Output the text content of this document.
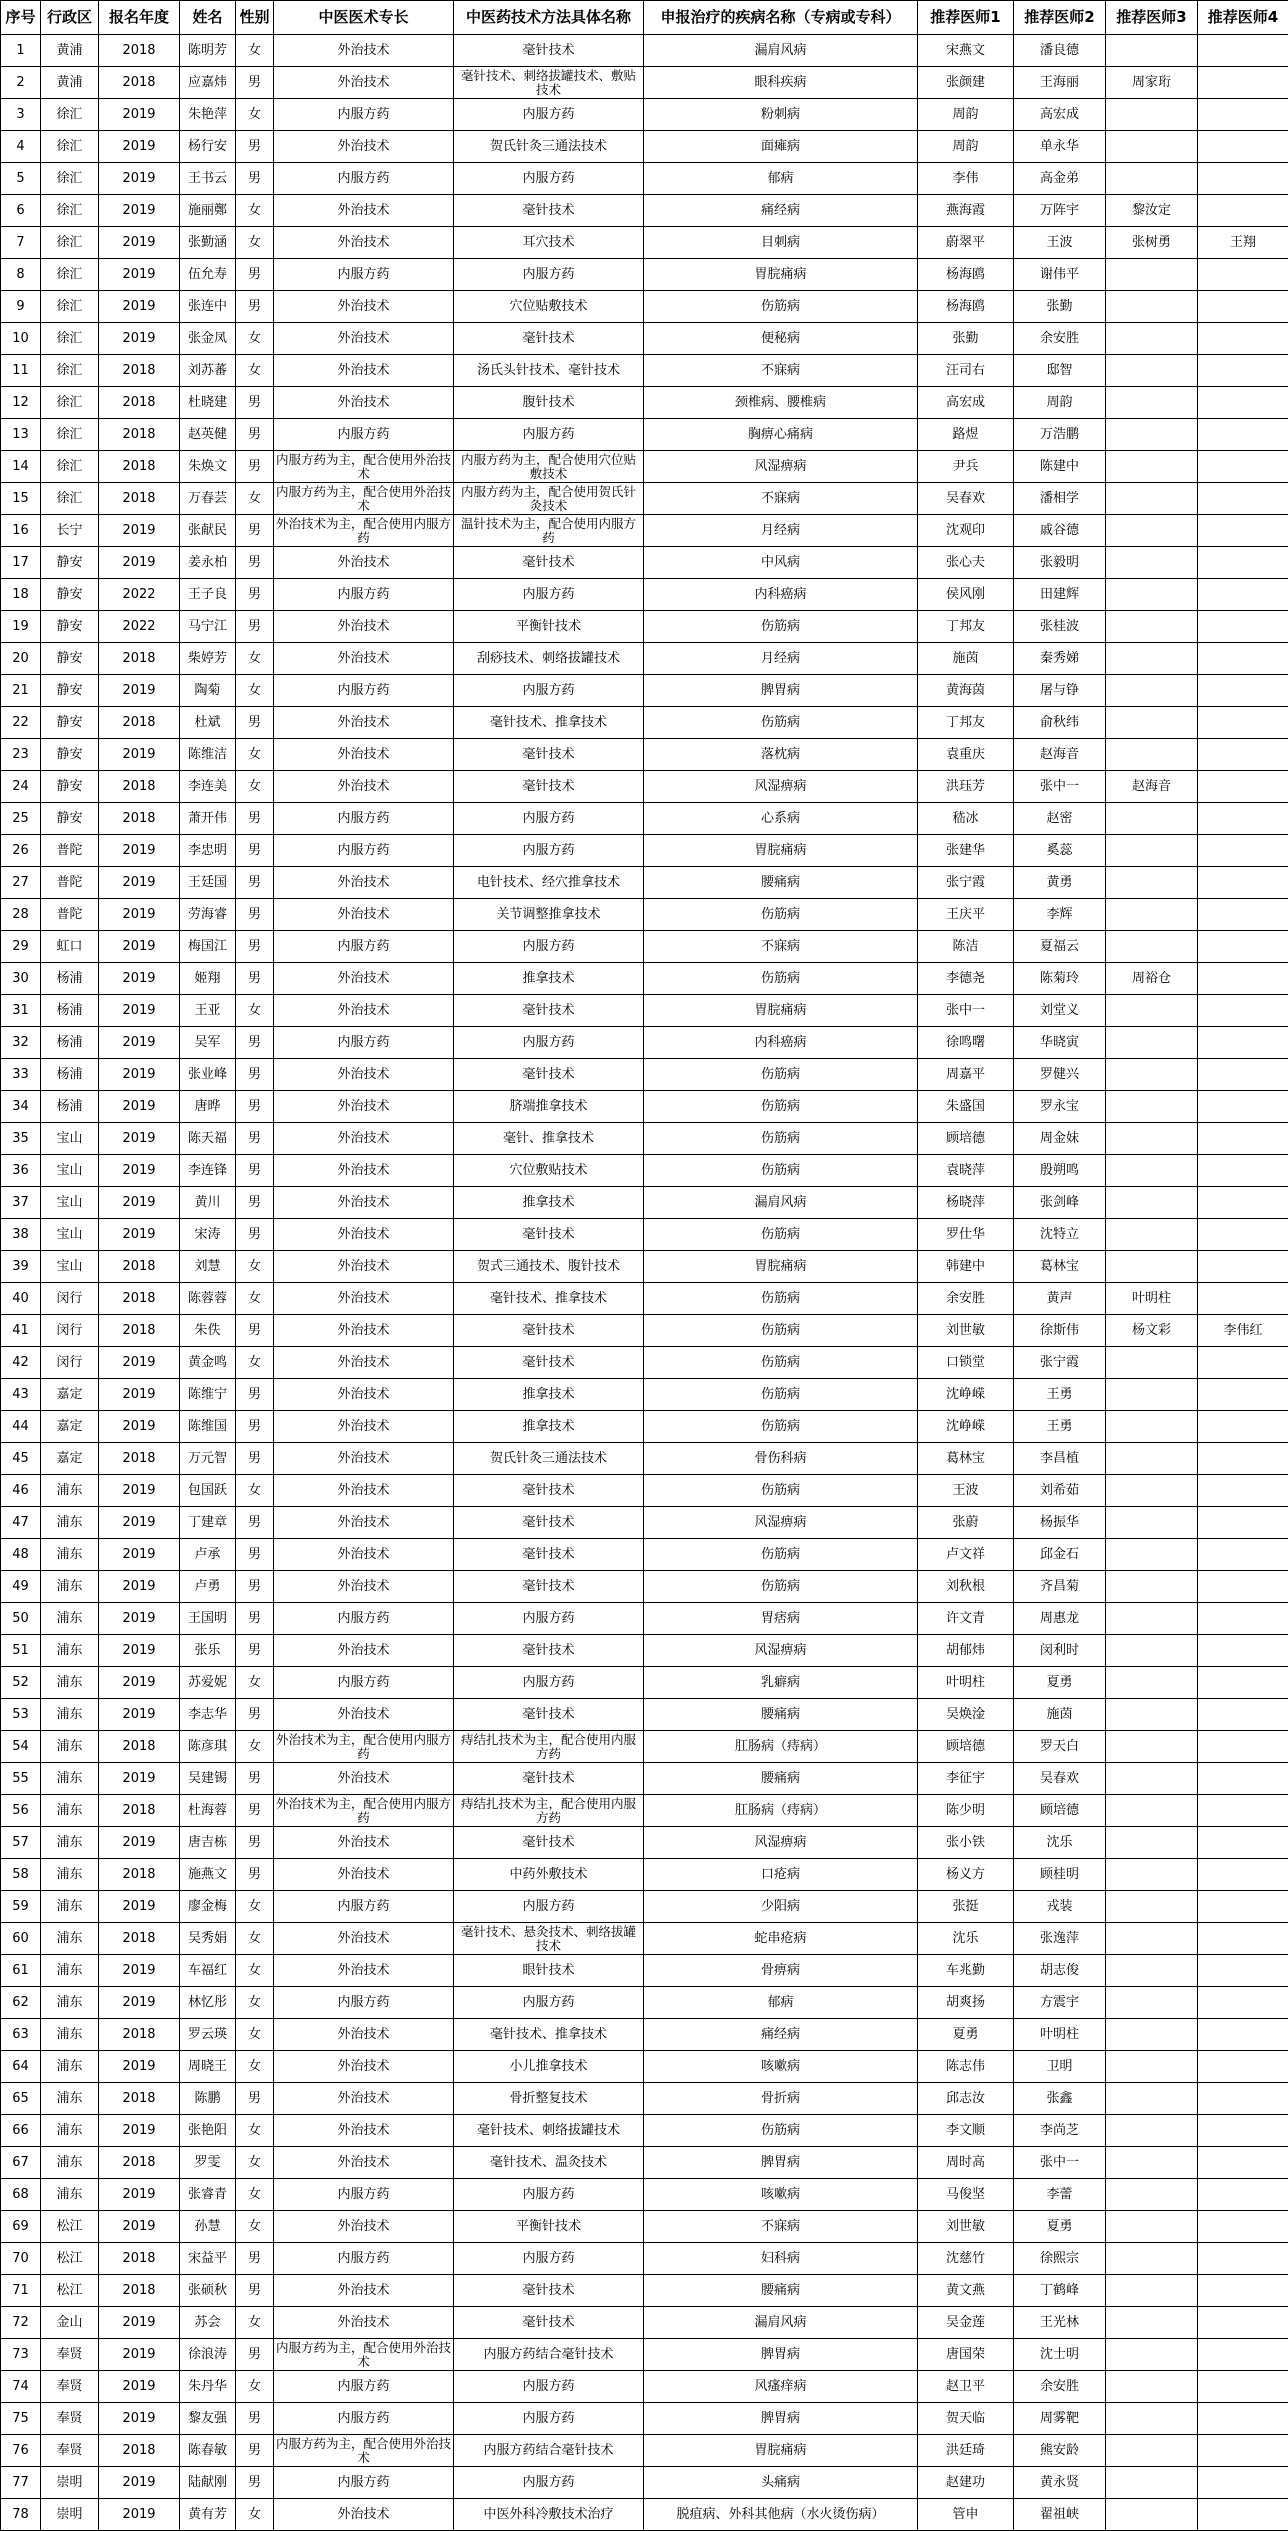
序号	行政区	报名年度	姓名	性别	中医医术专长	中医药技术方法具体名称	申报治疗的疾病名称（专病或专科）	推荐医师1	推荐医师2	推荐医师3	推荐医师4
1	黄浦	2018	陈明芳	女	外治技术	毫针技术	漏肩风病	宋燕文	潘良德		
2	黄浦	2018	应嘉炜	男	外治技术	毫针技术、刺络拔罐技术、敷贴技术	眼科疾病	张颜建	王海丽	周家珩	
3	徐汇	2019	朱艳萍	女	内服方药	内服方药	粉刺病	周韵	高宏成		
4	徐汇	2019	杨行安	男	外治技术	贺氏针灸三通法技术	面瘫病	周韵	单永华		
5	徐汇	2019	王书云	男	内服方药	内服方药	郁病	李伟	高金弟		
6	徐汇	2019	施丽鄭	女	外治技术	毫针技术	痛经病	燕海霞	万阵宇	黎汝定	
7	徐汇	2019	张勤涵	女	外治技术	耳穴技术	目刺病	蔚翠平	王波	张树勇	王翔
8	徐汇	2019	伍允寿	男	内服方药	内服方药	胃脘痛病	杨海鸥	谢伟平		
9	徐汇	2019	张连中	男	外治技术	穴位贴敷技术	伤筋病	杨海鸥	张勤		
10	徐汇	2019	张金凤	女	外治技术	毫针技术	便秘病	张勤	余安胜		
11	徐汇	2018	刘苏蕃	女	外治技术	汤氏头针技术、毫针技术	不寐病	汪司右	邸智		
12	徐汇	2018	杜晓建	男	外治技术	腹针技术	颈椎病、腰椎病	高宏成	周韵		
13	徐汇	2018	赵英健	男	内服方药	内服方药	胸痹心痛病	路煜	万浩鹏		
14	徐汇	2018	朱焕文	男	内服方药为主，配合使用外治技术	内服方药为主，配合使用穴位贴敷技术	风湿痹病	尹兵	陈建中		
15	徐汇	2018	万春芸	女	内服方药为主，配合使用外治技术	内服方药为主，配合使用贺氏针灸技术	不寐病	吴春欢	潘相学		
16	长宁	2019	张献民	男	外治技术为主，配合使用内服方药	温针技术为主，配合使用内服方药	月经病	沈观印	戚谷德		
17	静安	2019	姜永柏	男	外治技术	毫针技术	中风病	张心夫	张毅明		
18	静安	2022	王子良	男	内服方药	内服方药	内科癌病	侯风刚	田建辉		
19	静安	2022	马宁江	男	外治技术	平衡针技术	伤筋病	丁邦友	张桂波		
20	静安	2018	柴婷芳	女	外治技术	刮痧技术、刺络拔罐技术	月经病	施茵	秦秀娣		
21	静安	2019	陶菊	女	内服方药	内服方药	脾胃病	黄海茵	屠与铮		
22	静安	2018	杜斌	男	外治技术	毫针技术、推拿技术	伤筋病	丁邦友	俞秋纬		
23	静安	2019	陈维洁	女	外治技术	毫针技术	落枕病	袁重庆	赵海音		
24	静安	2018	李连美	女	外治技术	毫针技术	风湿痹病	洪珏芳	张中一	赵海音	
25	静安	2018	萧开伟	男	内服方药	内服方药	心系病	嵇冰	赵密		
26	普陀	2019	李忠明	男	内服方药	内服方药	胃脘痛病	张建华	奚蕊		
27	普陀	2019	王廷国	男	外治技术	电针技术、经穴推拿技术	腰痛病	张宁霞	黄勇		
28	普陀	2019	劳海睿	男	外治技术	关节调整推拿技术	伤筋病	王庆平	李辉		
29	虹口	2019	梅国江	男	内服方药	内服方药	不寐病	陈洁	夏福云		
30	杨浦	2019	姬翔	男	外治技术	推拿技术	伤筋病	李德尧	陈菊玲	周裕仓	
31	杨浦	2019	王亚	女	外治技术	毫针技术	胃脘痛病	张中一	刘堂义		
32	杨浦	2019	吴军	男	内服方药	内服方药	内科癌病	徐鸣曙	华晓寅		
33	杨浦	2019	张业峰	男	外治技术	毫针技术	伤筋病	周嘉平	罗健兴		
34	杨浦	2019	唐晔	男	外治技术	脐端推拿技术	伤筋病	朱盛国	罗永宝		
35	宝山	2019	陈天福	男	外治技术	毫针、推拿技术	伤筋病	顾培德	周金妹		
36	宝山	2019	李连锋	男	外治技术	穴位敷贴技术	伤筋病	袁晓萍	殷朔鸣		
37	宝山	2019	黄川	男	外治技术	推拿技术	漏肩风病	杨晓萍	张剑峰		
38	宝山	2019	宋涛	男	外治技术	毫针技术	伤筋病	罗仕华	沈特立		
39	宝山	2018	刘慧	女	外治技术	贺式三通技术、腹针技术	胃脘痛病	韩建中	葛林宝		
40	闵行	2018	陈蓉蓉	女	外治技术	毫针技术、推拿技术	伤筋病	余安胜	黄声	叶明柱	
41	闵行	2018	朱佚	男	外治技术	毫针技术	伤筋病	刘世敏	徐斯伟	杨文彩	李伟红
42	闵行	2019	黄金鸣	女	外治技术	毫针技术	伤筋病	口锁堂	张宁霞		
43	嘉定	2019	陈维宁	男	外治技术	推拿技术	伤筋病	沈峥嵘	王勇		
44	嘉定	2019	陈维国	男	外治技术	推拿技术	伤筋病	沈峥嵘	王勇		
45	嘉定	2018	万元智	男	外治技术	贺氏针灸三通法技术	骨伤科病	葛林宝	李昌植		
46	浦东	2019	包国跃	女	外治技术	毫针技术	伤筋病	王波	刘希茹		
47	浦东	2019	丁建章	男	外治技术	毫针技术	风湿痹病	张蔚	杨振华		
48	浦东	2019	卢承	男	外治技术	毫针技术	伤筋病	卢文祥	邱金石		
49	浦东	2019	卢勇	男	外治技术	毫针技术	伤筋病	刘秋根	齐昌菊		
50	浦东	2019	王国明	男	内服方药	内服方药	胃痞病	许文青	周惠龙		
51	浦东	2019	张乐	男	外治技术	毫针技术	风湿痹病	胡郁炜	闵利时		
52	浦东	2019	苏爱妮	女	内服方药	内服方药	乳癖病	叶明柱	夏勇		
53	浦东	2019	李志华	男	外治技术	毫针技术	腰痛病	吴焕淦	施茵		
54	浦东	2018	陈彦琪	女	外治技术为主，配合使用内服方药	痔结扎技术为主，配合使用内服方药	肛肠病（痔病）	顾培德	罗天白		
55	浦东	2019	吴建锡	男	外治技术	毫针技术	腰痛病	李征宇	吴春欢		
56	浦东	2018	杜海蓉	男	外治技术为主，配合使用内服方药	痔结扎技术为主，配合使用内服方药	肛肠病（痔病）	陈少明	顾培德		
57	浦东	2019	唐吉栋	男	外治技术	毫针技术	风湿痹病	张小铁	沈乐		
58	浦东	2018	施燕文	男	外治技术	中药外敷技术	口疮病	杨义方	顾桂明		
59	浦东	2019	廖金梅	女	内服方药	内服方药	少阳病	张挺	戎装		
60	浦东	2018	吴秀娟	女	外治技术	毫针技术、悬灸技术、刺络拔罐技术	蛇串疮病	沈乐	张逸萍		
61	浦东	2019	车福红	女	外治技术	眼针技术	骨痹病	车兆勤	胡志俊		
62	浦东	2019	林忆彤	女	内服方药	内服方药	郁病	胡爽扬	方震宇		
63	浦东	2018	罗云瑛	女	外治技术	毫针技术、推拿技术	痛经病	夏勇	叶明柱		
64	浦东	2019	周晓王	女	外治技术	小儿推拿技术	咳嗽病	陈志伟	卫明		
65	浦东	2018	陈鹏	男	外治技术	骨折整复技术	骨折病	邱志汝	张鑫		
66	浦东	2019	张艳阳	女	外治技术	毫针技术、刺络拔罐技术	伤筋病	李文顺	李尚芝		
67	浦东	2018	罗雯	女	外治技术	毫针技术、温灸技术	脾胃病	周时高	张中一		
68	浦东	2019	张睿青	女	内服方药	内服方药	咳嗽病	马俊坚	李蕾		
69	松江	2019	孙慧	女	外治技术	平衡针技术	不寐病	刘世敏	夏勇		
70	松江	2018	宋益平	男	内服方药	内服方药	妇科病	沈慈竹	徐熙宗		
71	松江	2018	张硕秋	男	外治技术	毫针技术	腰痛病	黄文燕	丁鹤峰		
72	金山	2019	苏会	女	外治技术	毫针技术	漏肩风病	吴金莲	王光林		
73	奉贤	2019	徐浪涛	男	内服方药为主，配合使用外治技术	内服方药结合毫针技术	脾胃病	唐国荣	沈士明		
74	奉贤	2019	朱丹华	女	内服方药	内服方药	风瘙痒病	赵卫平	余安胜		
75	奉贤	2019	黎友强	男	内服方药	内服方药	脾胃病	贺天临	周雾靶		
76	奉贤	2018	陈春敏	男	内服方药为主，配合使用外治技术	内服方药结合毫针技术	胃脘痛病	洪廷琦	熊安龄		
77	崇明	2019	陆献刚	男	内服方药	内服方药	头痛病	赵建功	黄永贤		
78	崇明	2019	黄有芳	女	外治技术	中医外科冷敷技术治疗	脱疽病、外科其他病（水火烫伤病）	管申	翟祖峡		
